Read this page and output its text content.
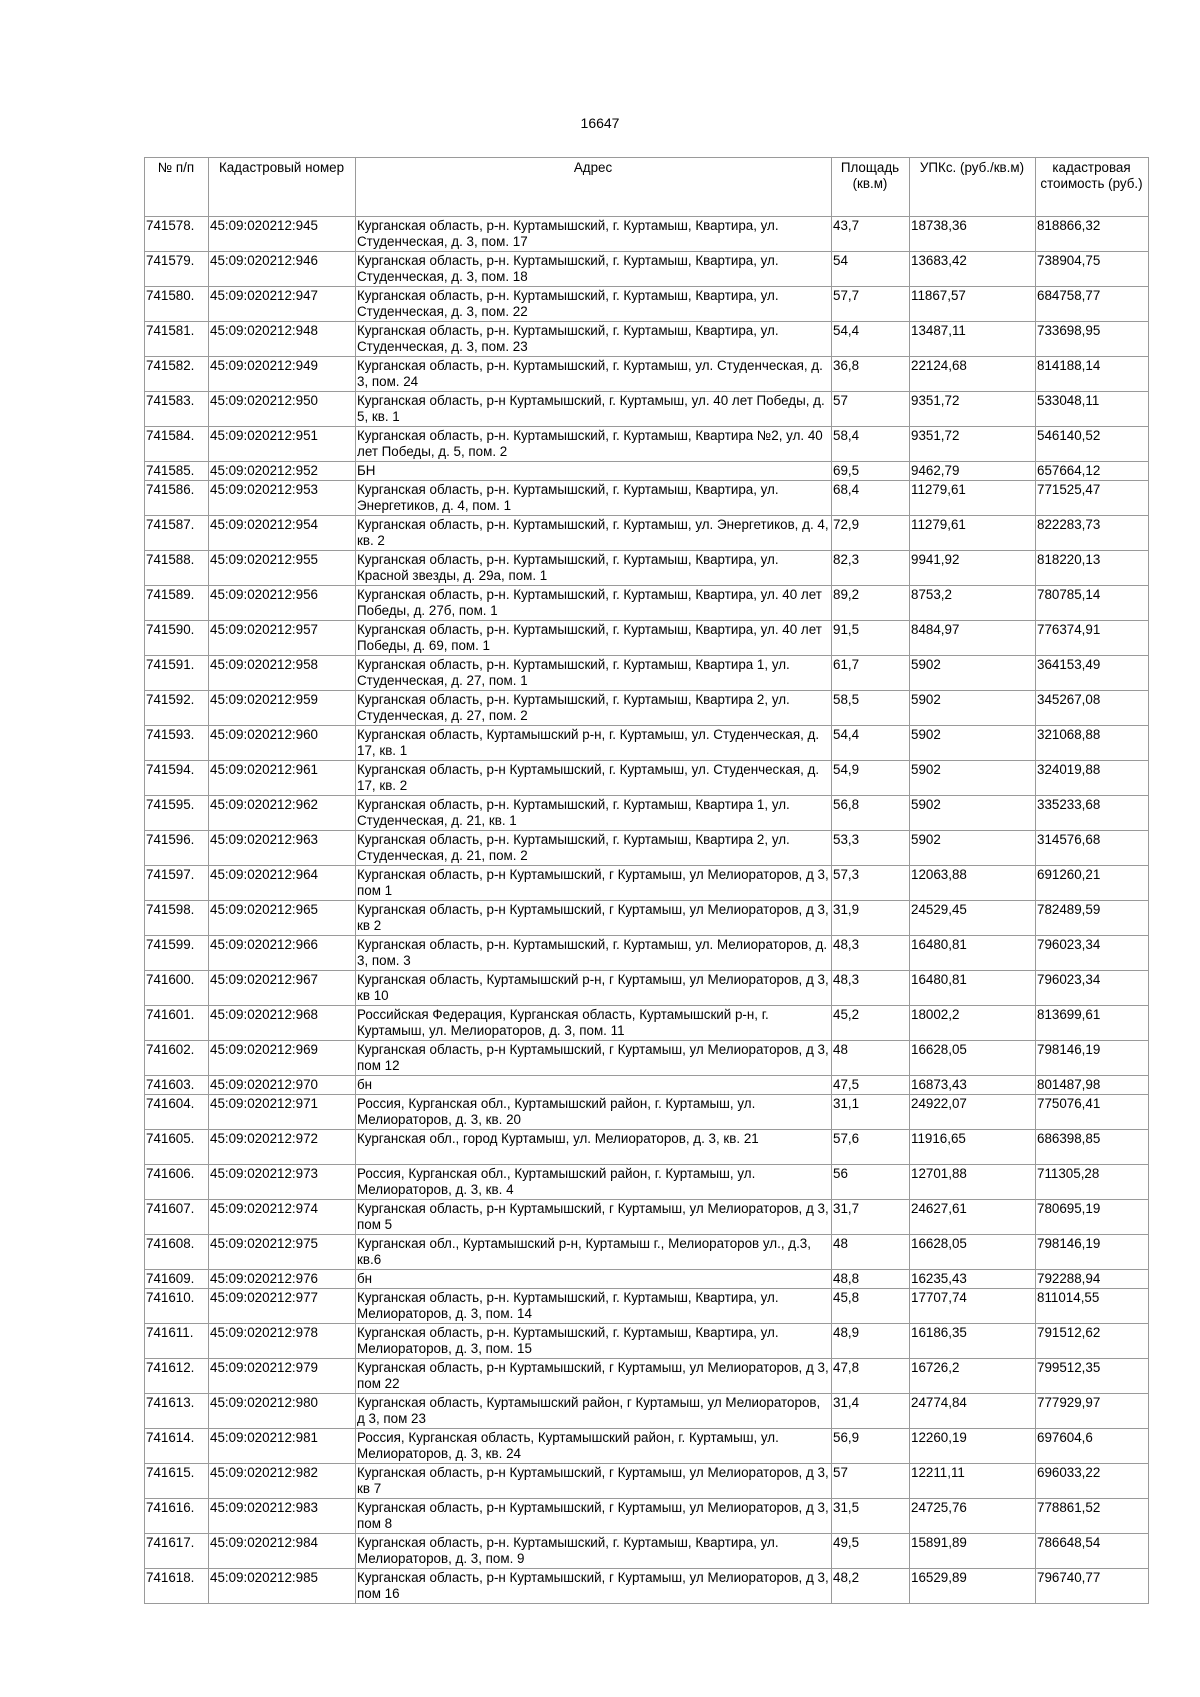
16647
№ п/п	Кадастровый номер	Адрес	Площадь (кв.м)	УПКс. (руб./кв.м)	кадастровая стоимость (руб.)
741578.	45:09:020212:945	Курганская область, р-н. Куртамышский, г. Куртамыш, Квартира, ул. Студенческая, д. 3, пом. 17	43,7	18738,36	818866,32
741579.	45:09:020212:946	Курганская область, р-н. Куртамышский, г. Куртамыш, Квартира, ул. Студенческая, д. 3, пом. 18	54	13683,42	738904,75
741580.	45:09:020212:947	Курганская область, р-н. Куртамышский, г. Куртамыш, Квартира, ул. Студенческая, д. 3, пом. 22	57,7	11867,57	684758,77
741581.	45:09:020212:948	Курганская область, р-н. Куртамышский, г. Куртамыш, Квартира, ул. Студенческая, д. 3, пом. 23	54,4	13487,11	733698,95
741582.	45:09:020212:949	Курганская область, р-н. Куртамышский, г. Куртамыш, ул. Студенческая, д. 3, пом. 24	36,8	22124,68	814188,14
741583.	45:09:020212:950	Курганская область, р-н Куртамышский, г. Куртамыш, ул. 40 лет Победы, д. 5, кв. 1	57	9351,72	533048,11
741584.	45:09:020212:951	Курганская область, р-н. Куртамышский, г. Куртамыш, Квартира №2, ул. 40 лет Победы, д. 5, пом. 2	58,4	9351,72	546140,52
741585.	45:09:020212:952	БН	69,5	9462,79	657664,12
741586.	45:09:020212:953	Курганская область, р-н. Куртамышский, г. Куртамыш, Квартира, ул. Энергетиков, д. 4, пом. 1	68,4	11279,61	771525,47
741587.	45:09:020212:954	Курганская область, р-н. Куртамышский, г. Куртамыш, ул. Энергетиков, д. 4, кв. 2	72,9	11279,61	822283,73
741588.	45:09:020212:955	Курганская область, р-н. Куртамышский, г. Куртамыш, Квартира, ул. Красной звезды, д. 29а, пом. 1	82,3	9941,92	818220,13
741589.	45:09:020212:956	Курганская область, р-н. Куртамышский, г. Куртамыш, Квартира, ул. 40 лет Победы, д. 27б, пом. 1	89,2	8753,2	780785,14
741590.	45:09:020212:957	Курганская область, р-н. Куртамышский, г. Куртамыш, Квартира, ул. 40 лет Победы, д. 69, пом. 1	91,5	8484,97	776374,91
741591.	45:09:020212:958	Курганская область, р-н. Куртамышский, г. Куртамыш, Квартира 1, ул. Студенческая, д. 27, пом. 1	61,7	5902	364153,49
741592.	45:09:020212:959	Курганская область, р-н. Куртамышский, г. Куртамыш, Квартира 2, ул. Студенческая, д. 27, пом. 2	58,5	5902	345267,08
741593.	45:09:020212:960	Курганская область, Куртамышский р-н, г. Куртамыш, ул. Студенческая, д. 17, кв. 1	54,4	5902	321068,88
741594.	45:09:020212:961	Курганская область, р-н Куртамышский, г. Куртамыш, ул. Студенческая, д. 17, кв. 2	54,9	5902	324019,88
741595.	45:09:020212:962	Курганская область, р-н. Куртамышский, г. Куртамыш, Квартира 1, ул. Студенческая, д. 21, кв. 1	56,8	5902	335233,68
741596.	45:09:020212:963	Курганская область, р-н. Куртамышский, г. Куртамыш, Квартира 2, ул. Студенческая, д. 21, пом. 2	53,3	5902	314576,68
741597.	45:09:020212:964	Курганская область, р-н Куртамышский, г Куртамыш, ул Мелиораторов, д 3, пом 1	57,3	12063,88	691260,21
741598.	45:09:020212:965	Курганская область, р-н Куртамышский, г Куртамыш, ул Мелиораторов, д 3, кв 2	31,9	24529,45	782489,59
741599.	45:09:020212:966	Курганская область, р-н. Куртамышский, г. Куртамыш, ул. Мелиораторов, д. 3, пом. 3	48,3	16480,81	796023,34
741600.	45:09:020212:967	Курганская область, Куртамышский р-н, г Куртамыш, ул Мелиораторов, д 3, кв 10	48,3	16480,81	796023,34
741601.	45:09:020212:968	Российская Федерация, Курганская область, Куртамышский р-н, г. Куртамыш, ул. Мелиораторов, д. 3, пом. 11	45,2	18002,2	813699,61
741602.	45:09:020212:969	Курганская область, р-н Куртамышский, г Куртамыш, ул Мелиораторов, д 3, пом 12	48	16628,05	798146,19
741603.	45:09:020212:970	бн	47,5	16873,43	801487,98
741604.	45:09:020212:971	Россия, Курганская обл., Куртамышский район, г. Куртамыш, ул. Мелиораторов, д. 3, кв. 20	31,1	24922,07	775076,41
741605.	45:09:020212:972	Курганская обл., город Куртамыш, ул. Мелиораторов, д. 3, кв. 21	57,6	11916,65	686398,85
741606.	45:09:020212:973	Россия, Курганская обл., Куртамышский район, г. Куртамыш, ул. Мелиораторов, д. 3, кв. 4	56	12701,88	711305,28
741607.	45:09:020212:974	Курганская область, р-н Куртамышский, г Куртамыш, ул Мелиораторов, д 3, пом 5	31,7	24627,61	780695,19
741608.	45:09:020212:975	Курганская обл., Куртамышский р-н, Куртамыш г., Мелиораторов ул., д.3, кв.6	48	16628,05	798146,19
741609.	45:09:020212:976	бн	48,8	16235,43	792288,94
741610.	45:09:020212:977	Курганская область, р-н. Куртамышский, г. Куртамыш, Квартира, ул. Мелиораторов, д. 3, пом. 14	45,8	17707,74	811014,55
741611.	45:09:020212:978	Курганская область, р-н. Куртамышский, г. Куртамыш, Квартира, ул. Мелиораторов, д. 3, пом. 15	48,9	16186,35	791512,62
741612.	45:09:020212:979	Курганская область, р-н Куртамышский, г Куртамыш, ул Мелиораторов, д 3, пом 22	47,8	16726,2	799512,35
741613.	45:09:020212:980	Курганская область, Куртамышский район, г Куртамыш, ул Мелиораторов, д 3, пом 23	31,4	24774,84	777929,97
741614.	45:09:020212:981	Россия, Курганская область, Куртамышский район, г. Куртамыш, ул. Мелиораторов, д. 3, кв. 24	56,9	12260,19	697604,6
741615.	45:09:020212:982	Курганская область, р-н Куртамышский, г Куртамыш, ул Мелиораторов, д 3, кв 7	57	12211,11	696033,22
741616.	45:09:020212:983	Курганская область, р-н Куртамышский, г Куртамыш, ул Мелиораторов, д 3, пом 8	31,5	24725,76	778861,52
741617.	45:09:020212:984	Курганская область, р-н. Куртамышский, г. Куртамыш, Квартира, ул. Мелиораторов, д. 3, пом. 9	49,5	15891,89	786648,54
741618.	45:09:020212:985	Курганская область, р-н Куртамышский, г Куртамыш, ул Мелиораторов, д 3, пом 16	48,2	16529,89	796740,77
